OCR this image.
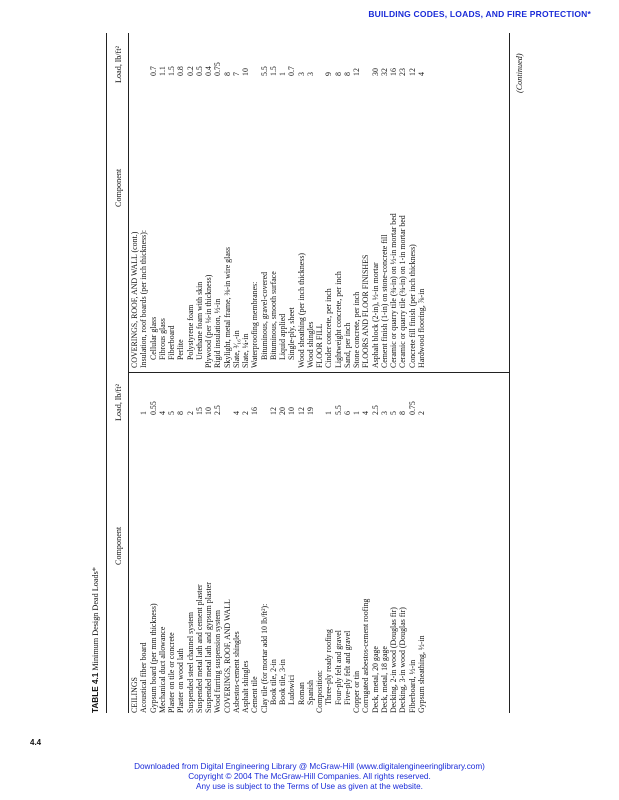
BUILDING CODES, LOADS, AND FIRE PROTECTION*
TABLE 4.1 Minimum Design Dead Loads*
Component
Load, lb/ft²
Component
Load, lb/ft²
CEILINGS Acoustical fiber board
1
Gypsum board (per mm thickness)
0.55
Mechanical duct allowance
4
Plaster on tile or concrete
5
Plaster on wood lath
8
Suspended steel channel system
2
Suspended metal lath and cement plaster
15
Suspended metal lath and gypsum plaster
10
Wood furring suspension system
2.5
COVERINGS, ROOF, AND WALL Asbestos-cement shingles
4
Asphalt shingles
2
Cement tile
16
Clay tile (for mortar add 10 lb/ft²): Book tile, 2-in
12
Book tile, 3-in
20
Ludowici
10
Roman
12
Spanish
19
Composition: Three-ply ready roofing
1
Four-ply felt and gravel
5.5
Five-ply felt and gravel
6
Copper or tin
1
Corrugated asbestos-cement roofing
4
Deck, metal, 20 gage
2.5
Deck, metal, 18 gage
3
Decking, 2-in wood (Douglas fir)
5
Decking, 3-in wood (Douglas fir)
8
Fiberboard, ½-in
0.75
Gypsum sheathing, ½-in
2
COVERINGS, ROOF, AND WALL (cont.) Insulation, roof boards (per inch thickness): Cellular glass
0.7
Fibrous glass
1.1
Fiberboard
1.5
Perlite
0.8
Polystyrene foam
0.2
Urethane foam with skin
0.5
Plywood (per ⅛-in thickness)
0.4
Rigid insulation, ½-in
0.75
Skylight, metal frame, ⅜-in wire glass
8
Slate, ³⁄₁₆-in
7
Slate, ¼-in
10
Waterproofing membranes: Bituminous, gravel-covered
5.5
Bituminous, smooth surface
1.5
Liquid applied
1
Single-ply, sheet
0.7
Wood sheathing (per inch thickness)
3
Wood shingles
3
FLOOR FILL Cinder concrete, per inch
9
Lightweight concrete, per inch
8
Sand, per inch
8
Stone concrete, per inch
12
FLOORS AND FLOOR FINISHES Asphalt block (2-in), ½-in mortar
30
Cement finish (1-in) on stone-concrete fill
32
Ceramic or quarry tile (¾-in) on ½-in mortar bed
16
Ceramic or quarry tile (¾-in) on 1-in mortar bed
23
Concrete fill finish (per inch thickness)
12
Hardwood flooring, ⅞-in
4	(Continued)
4.4
Downloaded from Digital Engineering Library @ McGraw-Hill (www.digitalengineeringlibrary.com)
Copyright © 2004 The McGraw-Hill Companies. All rights reserved.
Any use is subject to the Terms of Use as given at the website.
